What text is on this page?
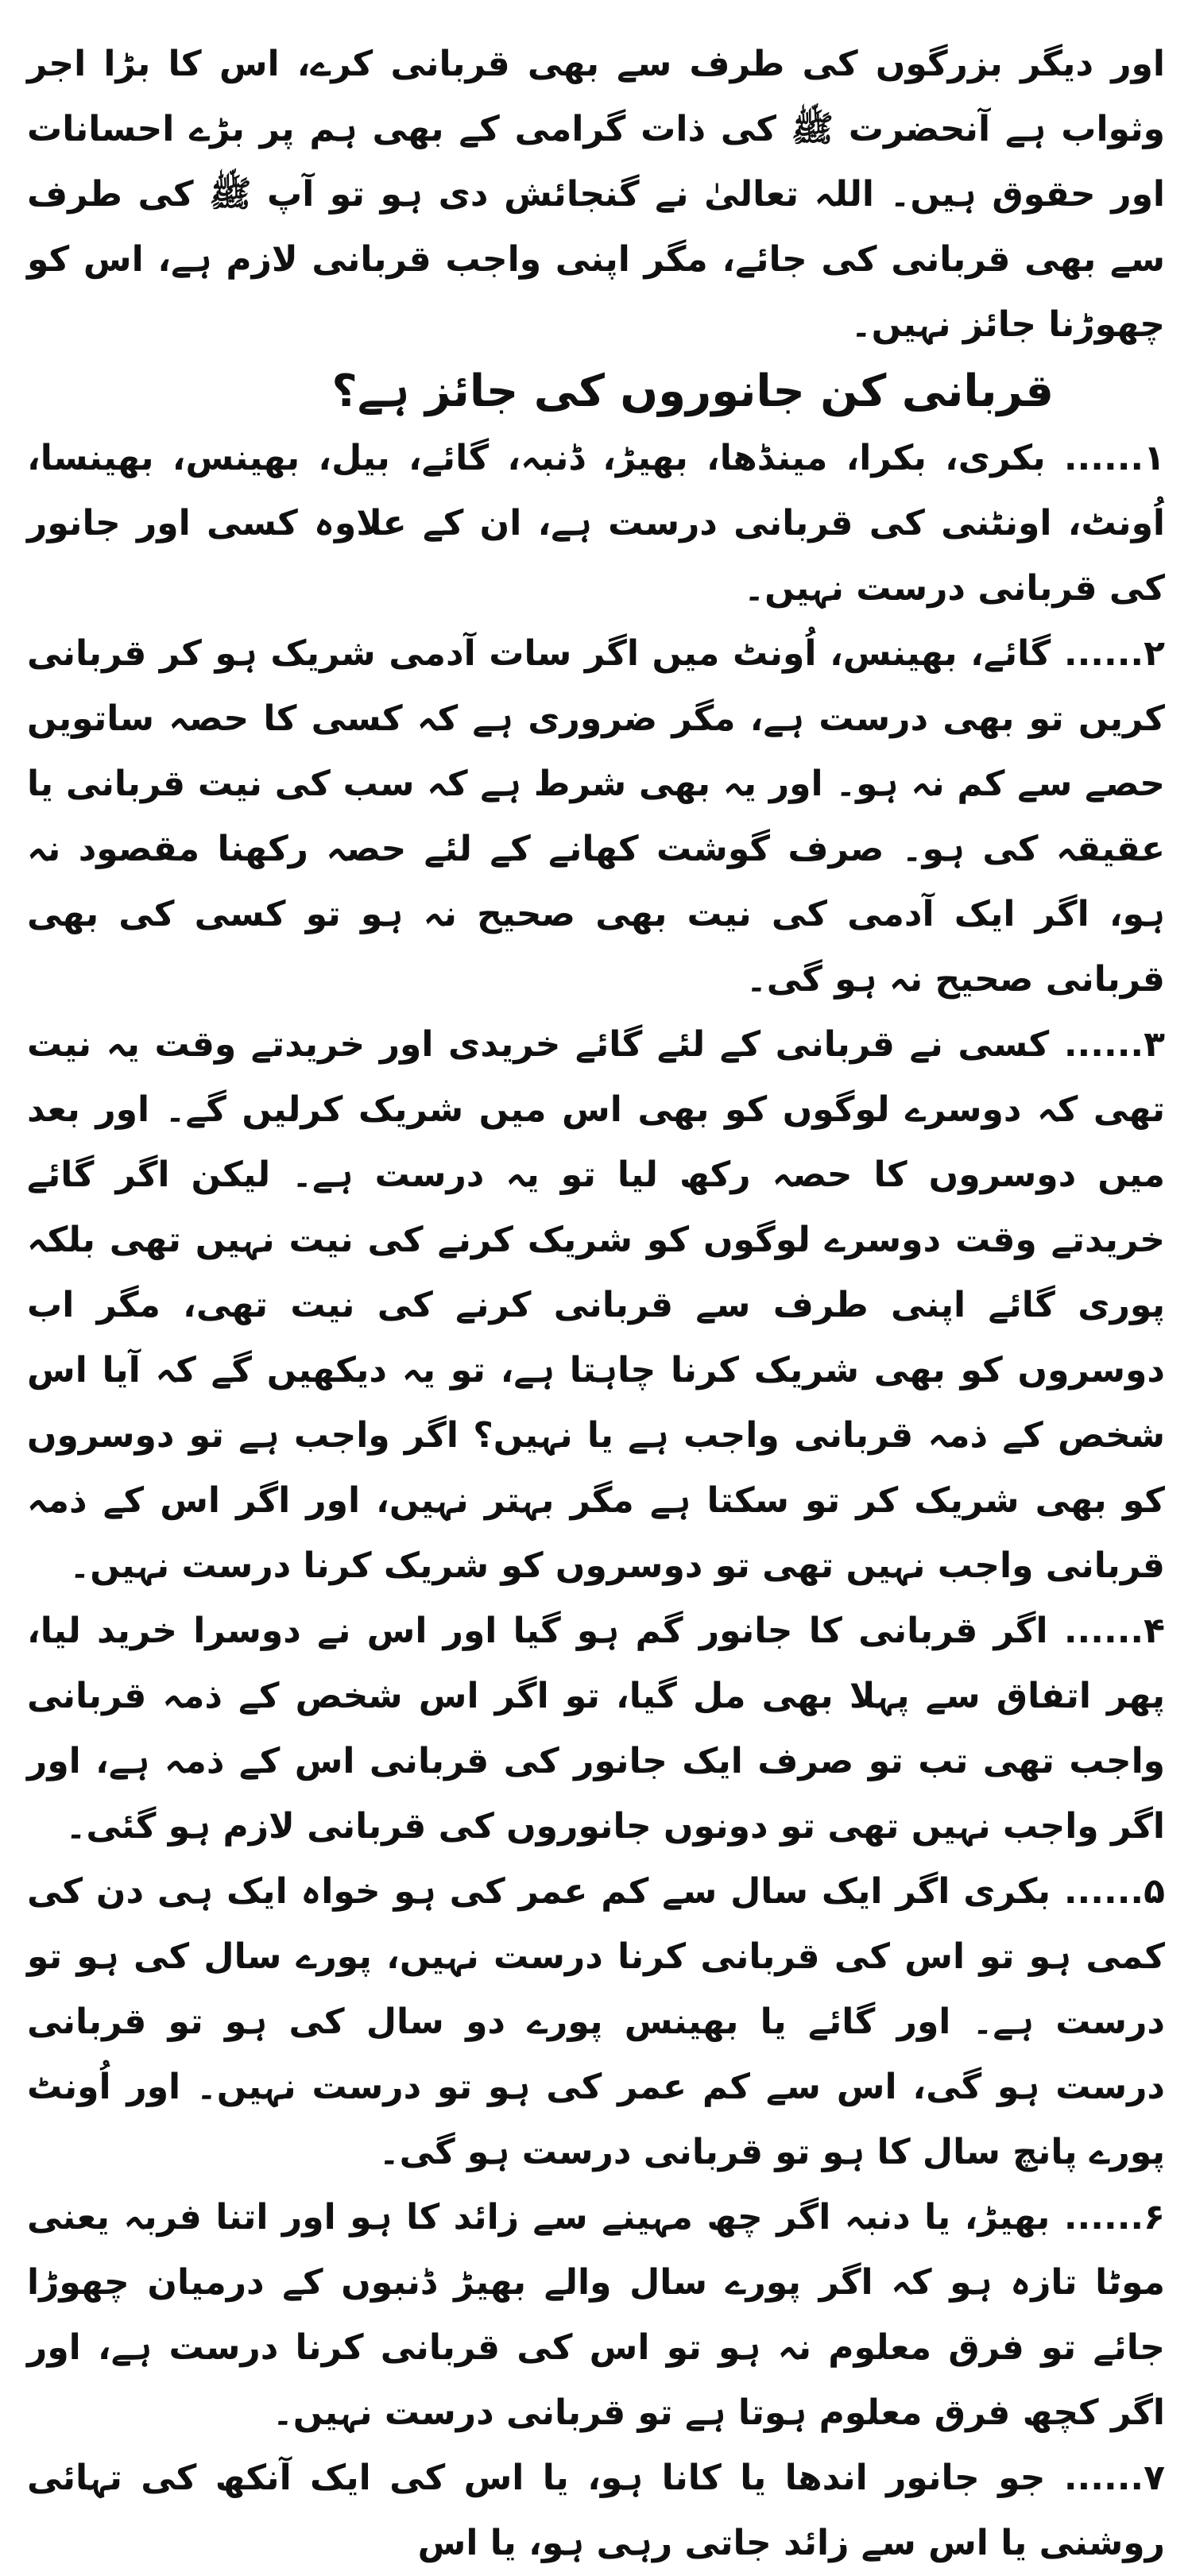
اور دیگر بزرگوں کی طرف سے بھی قربانی کرے، اس کا بڑا اجر وثواب ہے آنحضرت ﷺ کی ذات گرامی کے بھی ہم پر بڑے احسانات اور حقوق ہیں۔ اللہ تعالیٰ نے گنجائش دی ہو تو آپ ﷺ کی طرف سے بھی قربانی کی جائے، مگر اپنی واجب قربانی لازم ہے، اس کو چھوڑنا جائز نہیں۔

قربانی کن جانوروں کی جائز ہے؟

۱...... بکری، بکرا، مینڈھا، بھیڑ، ڈنبہ، گائے، بیل، بھینس، بھینسا، اُونٹ، اونٹنی کی قربانی درست ہے، ان کے علاوہ کسی اور جانور کی قربانی درست نہیں۔

۲...... گائے، بھینس، اُونٹ میں اگر سات آدمی شریک ہو کر قربانی کریں تو بھی درست ہے، مگر ضروری ہے کہ کسی کا حصہ ساتویں حصے سے کم نہ ہو۔ اور یہ بھی شرط ہے کہ سب کی نیت قربانی یا عقیقہ کی ہو۔ صرف گوشت کھانے کے لئے حصہ رکھنا مقصود نہ ہو، اگر ایک آدمی کی نیت بھی صحیح نہ ہو تو کسی کی بھی قربانی صحیح نہ ہو گی۔

۳...... کسی نے قربانی کے لئے گائے خریدی اور خریدتے وقت یہ نیت تھی کہ دوسرے لوگوں کو بھی اس میں شریک کرلیں گے۔ اور بعد میں دوسروں کا حصہ رکھ لیا تو یہ درست ہے۔ لیکن اگر گائے خریدتے وقت دوسرے لوگوں کو شریک کرنے کی نیت نہیں تھی بلکہ پوری گائے اپنی طرف سے قربانی کرنے کی نیت تھی، مگر اب دوسروں کو بھی شریک کرنا چاہتا ہے، تو یہ دیکھیں گے کہ آیا اس شخص کے ذمہ قربانی واجب ہے یا نہیں؟ اگر واجب ہے تو دوسروں کو بھی شریک کر تو سکتا ہے مگر بہتر نہیں، اور اگر اس کے ذمہ قربانی واجب نہیں تھی تو دوسروں کو شریک کرنا درست نہیں۔

۴...... اگر قربانی کا جانور گم ہو گیا اور اس نے دوسرا خرید لیا، پھر اتفاق سے پہلا بھی مل گیا، تو اگر اس شخص کے ذمہ قربانی واجب تھی تب تو صرف ایک جانور کی قربانی اس کے ذمہ ہے، اور اگر واجب نہیں تھی تو دونوں جانوروں کی قربانی لازم ہو گئی۔

۵...... بکری اگر ایک سال سے کم عمر کی ہو خواہ ایک ہی دن کی کمی ہو تو اس کی قربانی کرنا درست نہیں، پورے سال کی ہو تو درست ہے۔ اور گائے یا بھینس پورے دو سال کی ہو تو قربانی درست ہو گی، اس سے کم عمر کی ہو تو درست نہیں۔ اور اُونٹ پورے پانچ سال کا ہو تو قربانی درست ہو گی۔

۶...... بھیڑ، یا دنبہ اگر چھ مہینے سے زائد کا ہو اور اتنا فربہ یعنی موٹا تازہ ہو کہ اگر پورے سال والے بھیڑ ڈنبوں کے درمیان چھوڑا جائے تو فرق معلوم نہ ہو تو اس کی قربانی کرنا درست ہے، اور اگر کچھ فرق معلوم ہوتا ہے تو قربانی درست نہیں۔

۷...... جو جانور اندھا یا کانا ہو، یا اس کی ایک آنکھ کی تہائی روشنی یا اس سے زائد جاتی رہی ہو، یا اس
